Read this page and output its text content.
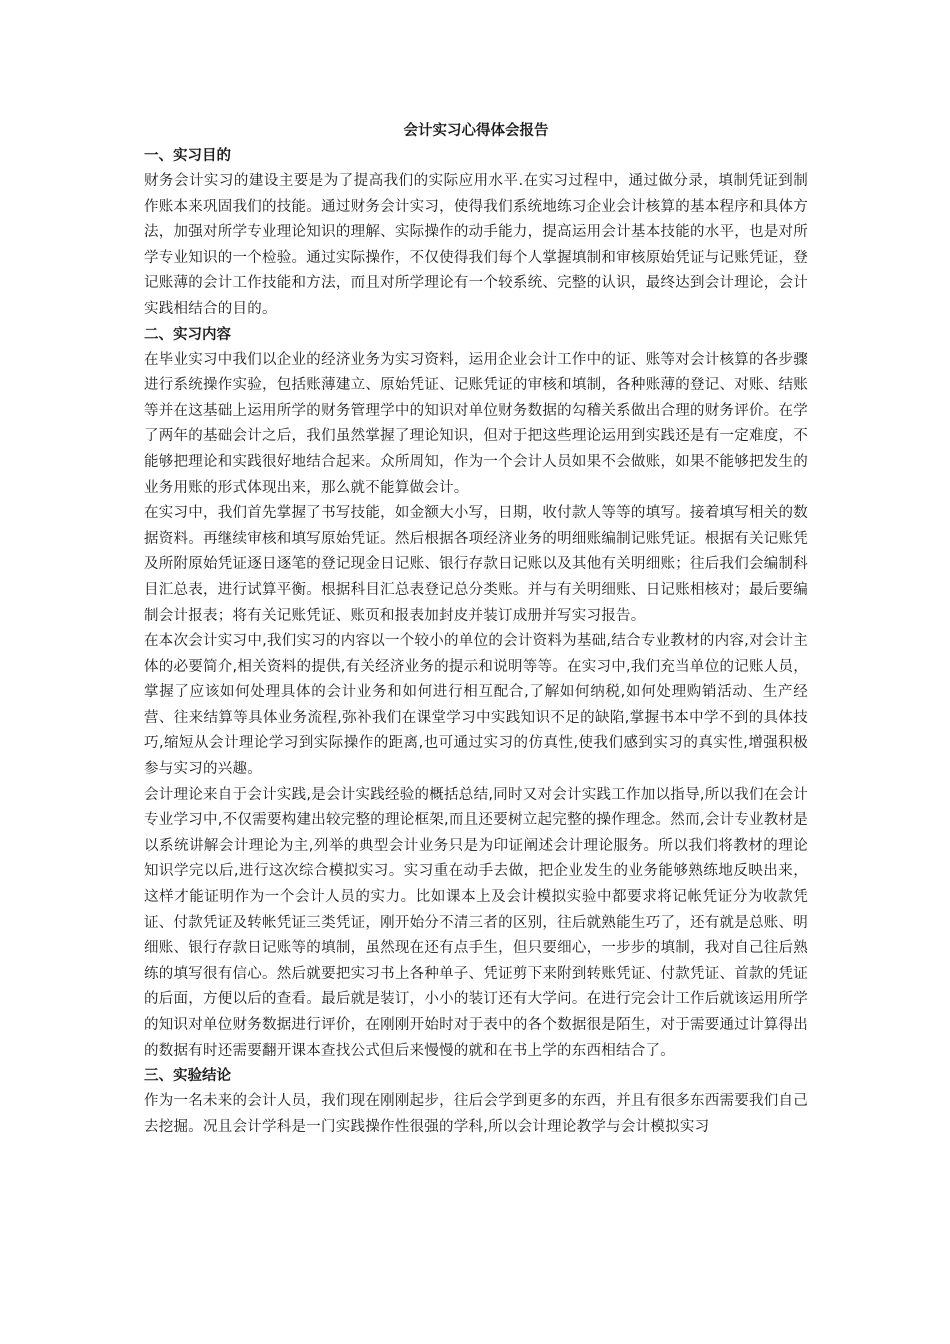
会计实习心得体会报告

一、实习目的

财务会计实习的建设主要是为了提高我们的实际应用水平.在实习过程中，通过做分录，填制凭证到制作账本来巩固我们的技能。通过财务会计实习，使得我们系统地练习企业会计核算的基本程序和具体方法，加强对所学专业理论知识的理解、实际操作的动手能力，提高运用会计基本技能的水平，也是对所学专业知识的一个检验。通过实际操作，不仅使得我们每个人掌握填制和审核原始凭证与记账凭证，登记账薄的会计工作技能和方法，而且对所学理论有一个较系统、完整的认识，最终达到会计理论，会计实践相结合的目的。

二、实习内容

在毕业实习中我们以企业的经济业务为实习资料，运用企业会计工作中的证、账等对会计核算的各步骤进行系统操作实验，包括账薄建立、原始凭证、记账凭证的审核和填制，各种账薄的登记、对账、结账等并在这基础上运用所学的财务管理学中的知识对单位财务数据的勾稽关系做出合理的财务评价。在学了两年的基础会计之后，我们虽然掌握了理论知识，但对于把这些理论运用到实践还是有一定难度，不能够把理论和实践很好地结合起来。众所周知，作为一个会计人员如果不会做账，如果不能够把发生的业务用账的形式体现出来，那么就不能算做会计。

在实习中，我们首先掌握了书写技能，如金额大小写，日期，收付款人等等的填写。接着填写相关的数据资料。再继续审核和填写原始凭证。然后根据各项经济业务的明细账编制记账凭证。根据有关记账凭及所附原始凭证逐日逐笔的登记现金日记账、银行存款日记账以及其他有关明细账；往后我们会编制科目汇总表，进行试算平衡。根据科目汇总表登记总分类账。并与有关明细账、日记账相核对；最后要编制会计报表；将有关记账凭证、账页和报表加封皮并装订成册并写实习报告。

在本次会计实习中,我们实习的内容以一个较小的单位的会计资料为基础,结合专业教材的内容,对会计主体的必要简介,相关资料的提供,有关经济业务的提示和说明等等。在实习中,我们充当单位的记账人员，掌握了应该如何处理具体的会计业务和如何进行相互配合,了解如何纳税,如何处理购销活动、生产经营、往来结算等具体业务流程,弥补我们在课堂学习中实践知识不足的缺陷,掌握书本中学不到的具体技巧,缩短从会计理论学习到实际操作的距离,也可通过实习的仿真性,使我们感到实习的真实性,增强积极参与实习的兴趣。

会计理论来自于会计实践,是会计实践经验的概括总结,同时又对会计实践工作加以指导,所以我们在会计专业学习中,不仅需要构建出较完整的理论框架,而且还要树立起完整的操作理念。然而,会计专业教材是以系统讲解会计理论为主,列举的典型会计业务只是为印证阐述会计理论服务。所以我们将教材的理论知识学完以后,进行这次综合模拟实习。实习重在动手去做，把企业发生的业务能够熟练地反映出来，这样才能证明作为一个会计人员的实力。比如课本上及会计模拟实验中都要求将记帐凭证分为收款凭证、付款凭证及转帐凭证三类凭证，刚开始分不清三者的区别，往后就熟能生巧了，还有就是总账、明细账、银行存款日记账等的填制，虽然现在还有点手生，但只要细心，一步步的填制，我对自己往后熟练的填写很有信心。然后就要把实习书上各种单子、凭证剪下来附到转账凭证、付款凭证、首款的凭证的后面，方便以后的查看。最后就是装订，小小的装订还有大学问。在进行完会计工作后就该运用所学的知识对单位财务数据进行评价，在刚刚开始时对于表中的各个数据很是陌生，对于需要通过计算得出的数据有时还需要翻开课本查找公式但后来慢慢的就和在书上学的东西相结合了。

三、实验结论

作为一名未来的会计人员，我们现在刚刚起步，往后会学到更多的东西，并且有很多东西需要我们自己去挖掘。况且会计学科是一门实践操作性很强的学科,所以会计理论教学与会计模拟实习
